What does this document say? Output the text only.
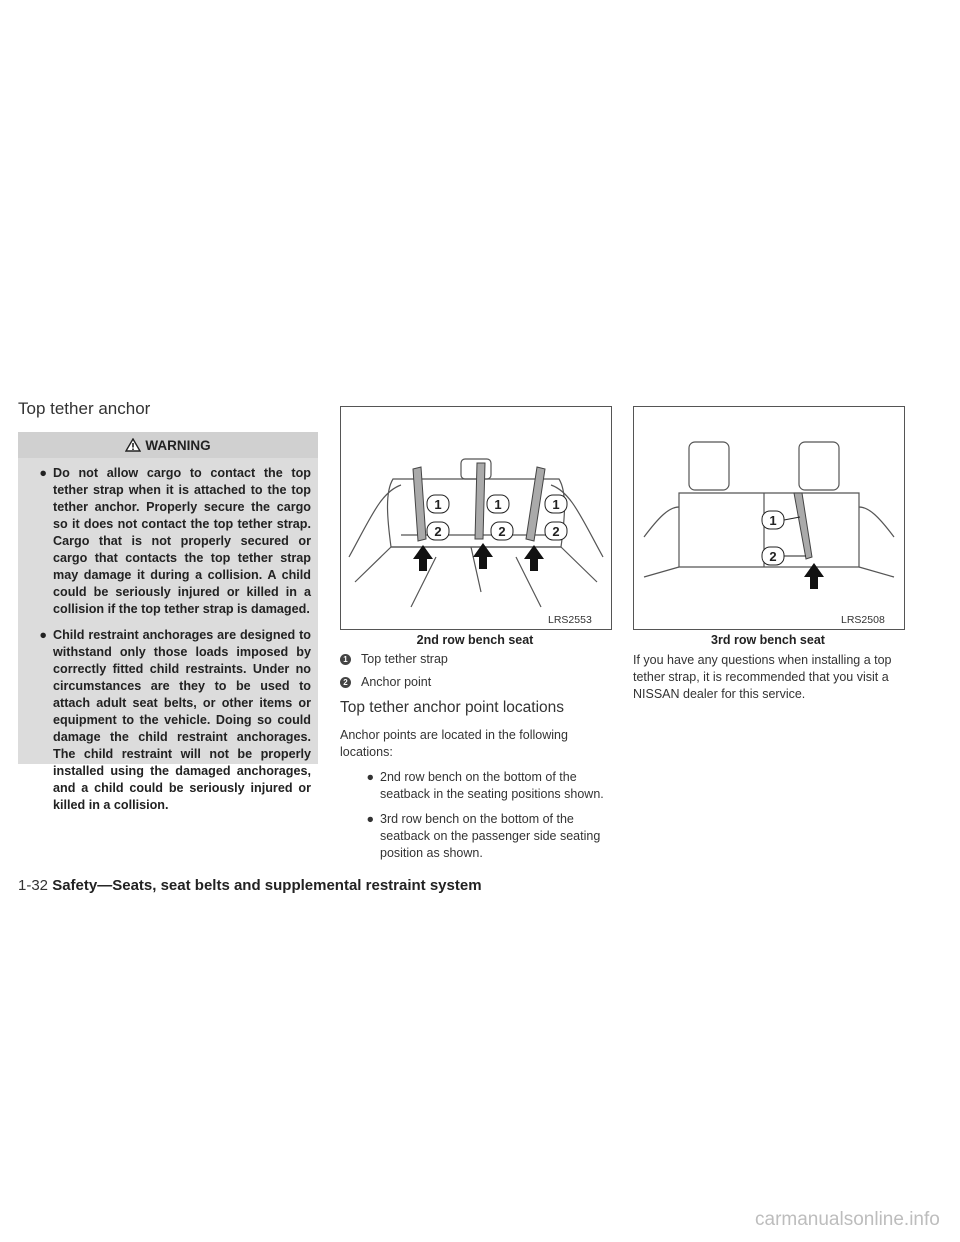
Top tether anchor
WARNING
● Do not allow cargo to contact the top tether strap when it is attached to the top tether anchor. Properly secure the cargo so it does not contact the top tether strap. Cargo that is not properly secured or cargo that contacts the top tether strap may damage it during a collision. A child could be seriously injured or killed in a collision if the top tether strap is damaged.
● Child restraint anchorages are designed to withstand only those loads imposed by correctly fitted child restraints. Under no circumstances are they to be used to attach adult seat belts, or other items or equipment to the vehicle. Doing so could damage the child restraint anchorages. The child restraint will not be properly installed using the damaged anchorages, and a child could be seriously injured or killed in a collision.
1
2
1
2
1
2
LRS2553
2nd row bench seat
1
2
LRS2508
3rd row bench seat
1 Top tether strap
2 Anchor point
Top tether anchor point locations
Anchor points are located in the following locations:
● 2nd row bench on the bottom of the seatback in the seating positions shown.
● 3rd row bench on the bottom of the seatback on the passenger side seating position as shown.
If you have any questions when installing a top tether strap, it is recommended that you visit a NISSAN dealer for this service.
1-32 Safety—Seats, seat belts and supplemental restraint system
carmanualsonline.info
